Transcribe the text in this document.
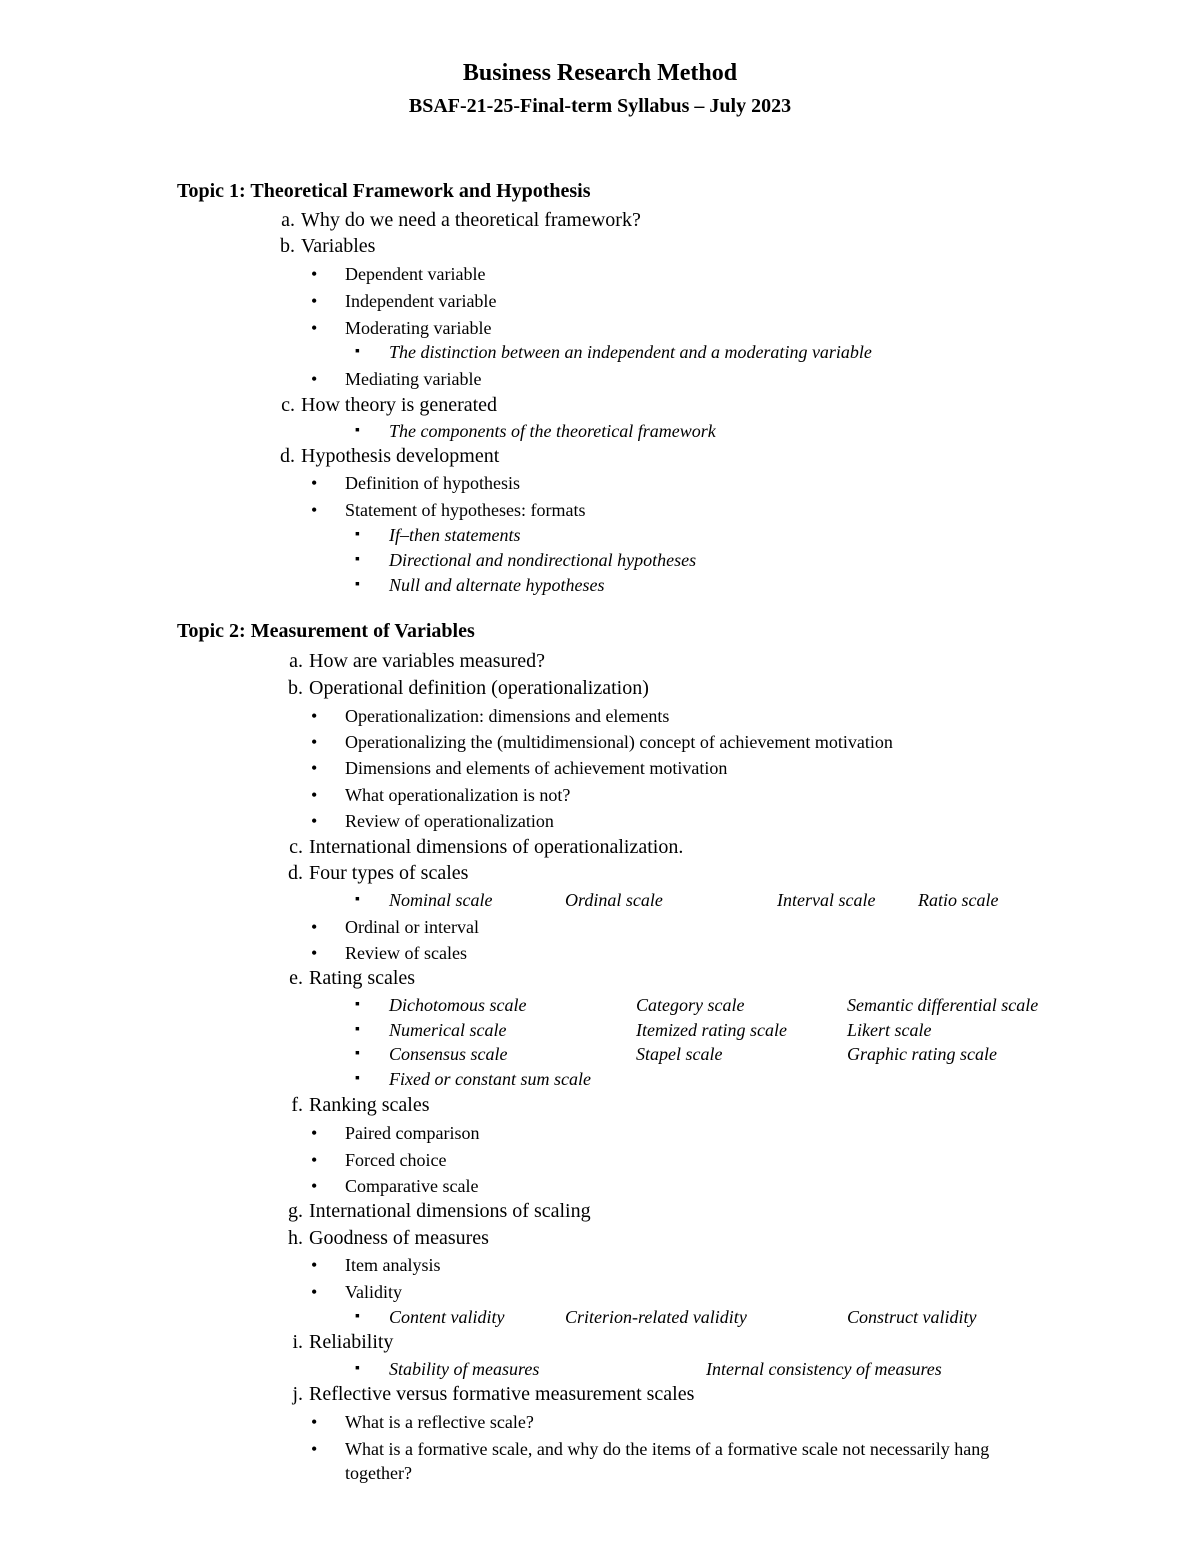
Business Research Method
BSAF-21-25-Final-term Syllabus – July 2023
Topic 1: Theoretical Framework and Hypothesis
a. Why do we need a theoretical framework?
b. Variables
• Dependent variable
• Independent variable
• Moderating variable
▪ The distinction between an independent and a moderating variable
• Mediating variable
c. How theory is generated
▪ The components of the theoretical framework
d. Hypothesis development
• Definition of hypothesis
• Statement of hypotheses: formats
▪ If–then statements
▪ Directional and nondirectional hypotheses
▪ Null and alternate hypotheses
Topic 2: Measurement of Variables
a. How are variables measured?
b. Operational definition (operationalization)
• Operationalization: dimensions and elements
• Operationalizing the (multidimensional) concept of achievement motivation
• Dimensions and elements of achievement motivation
• What operationalization is not?
• Review of operationalization
c. International dimensions of operationalization.
d. Four types of scales
▪ Nominal scale	Ordinal scale	Interval scale Ratio scale
• Ordinal or interval
• Review of scales
e. Rating scales
▪ Dichotomous scale	Category scale	Semantic differential scale
▪ Numerical scale	Itemized rating scale	Likert scale
▪ Consensus scale	Stapel scale	Graphic rating scale
▪ Fixed or constant sum scale
f. Ranking scales
• Paired comparison
• Forced choice
• Comparative scale
g. International dimensions of scaling
h. Goodness of measures
• Item analysis
• Validity
▪ Content validity	Criterion-related validity	Construct validity
i. Reliability
▪ Stability of measures	Internal consistency of measures
j. Reflective versus formative measurement scales
• What is a reflective scale?
• What is a formative scale, and why do the items of a formative scale not necessarily hang
together?
